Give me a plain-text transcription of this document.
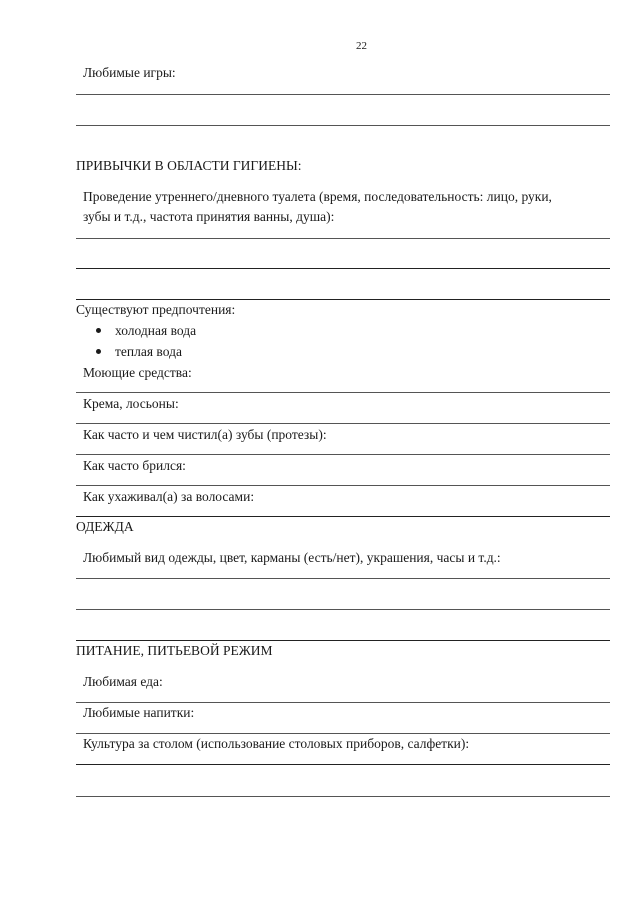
22
Любимые игры:
ПРИВЫЧКИ В ОБЛАСТИ ГИГИЕНЫ:
Проведение утреннего/дневного туалета (время, последовательность: лицо, руки,
зубы и т.д., частота принятия ванны, душа):
Существуют предпочтения:
холодная вода
теплая вода
Моющие средства:
Крема, лосьоны:
Как часто и чем чистил(а) зубы (протезы):
Как часто брился:
Как ухаживал(а) за волосами:
ОДЕЖДА
Любимый вид одежды, цвет, карманы (есть/нет), украшения, часы и т.д.:
ПИТАНИЕ, ПИТЬЕВОЙ РЕЖИМ
Любимая еда:
Любимые напитки:
Культура за столом (использование столовых приборов, салфетки):
